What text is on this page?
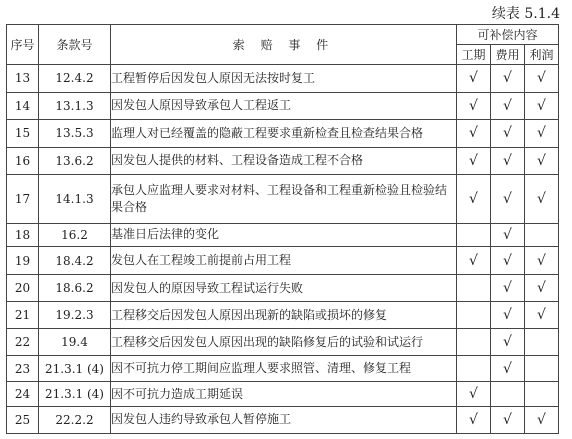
续表 5.1.4
序号	条款号	索 赔 事 件	可补偿内容		
			工期	费用	利润
13	12.4.2	工程暂停后因发包人原因无法按时复工	√	√	√
14	13.1.3	因发包人原因导致承包人工程返工	√	√	√
15	13.5.3	监理人对已经覆盖的隐蔽工程要求重新检查且检查结果合格	√	√	√
16	13.6.2	因发包人提供的材料、工程设备造成工程不合格	√	√	√
17	14.1.3	承包人应监理人要求对材料、工程设备和工程重新检验且检验结果合格	√	√	√
18	16.2	基准日后法律的变化		√	
19	18.4.2	发包人在工程竣工前提前占用工程	√	√	√
20	18.6.2	因发包人的原因导致工程试运行失败		√	√
21	19.2.3	工程移交后因发包人原因出现新的缺陷或损坏的修复		√	√
22	19.4	工程移交后因发包人原因出现的缺陷修复后的试验和试运行		√	
23	21.3.1 (4)	因不可抗力停工期间应监理人要求照管、清理、修复工程		√	
24	21.3.1 (4)	因不可抗力造成工期延误	√		
25	22.2.2	因发包人违约导致承包人暂停施工	√	√	√
